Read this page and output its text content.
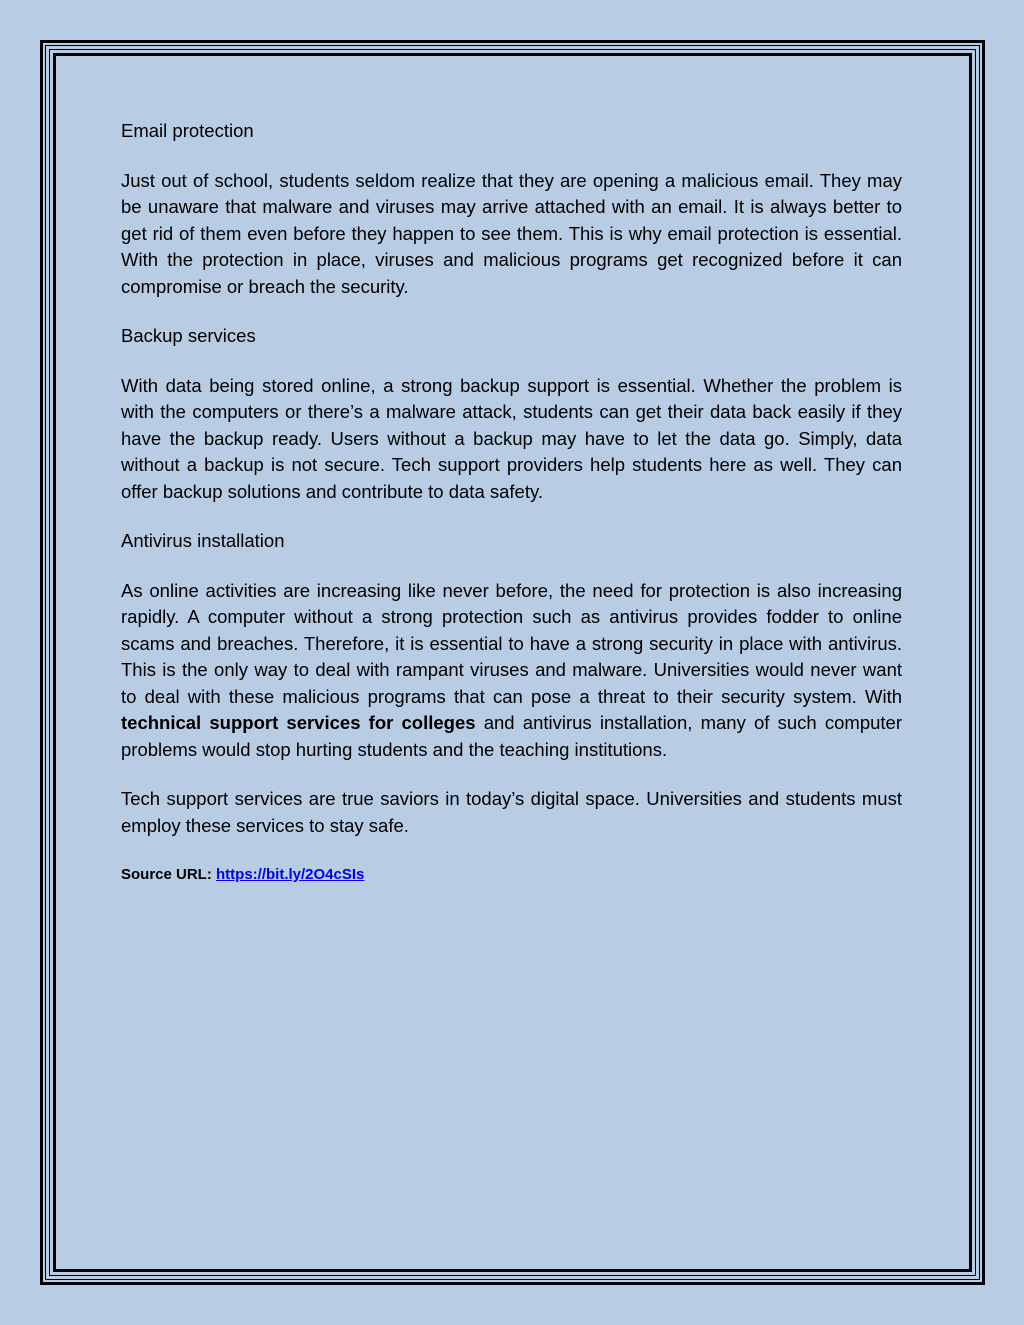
Email protection

Just out of school, students seldom realize that they are opening a malicious email. They may be unaware that malware and viruses may arrive attached with an email. It is always better to get rid of them even before they happen to see them. This is why email protection is essential. With the protection in place, viruses and malicious programs get recognized before it can compromise or breach the security.

Backup services

With data being stored online, a strong backup support is essential. Whether the problem is with the computers or there’s a malware attack, students can get their data back easily if they have the backup ready. Users without a backup may have to let the data go. Simply, data without a backup is not secure. Tech support providers help students here as well. They can offer backup solutions and contribute to data safety.

Antivirus installation

As online activities are increasing like never before, the need for protection is also increasing rapidly. A computer without a strong protection such as antivirus provides fodder to online scams and breaches. Therefore, it is essential to have a strong security in place with antivirus. This is the only way to deal with rampant viruses and malware. Universities would never want to deal with these malicious programs that can pose a threat to their security system. With technical support services for colleges and antivirus installation, many of such computer problems would stop hurting students and the teaching institutions.

Tech support services are true saviors in today’s digital space. Universities and students must employ these services to stay safe.

Source URL: https://bit.ly/2O4cSIs
